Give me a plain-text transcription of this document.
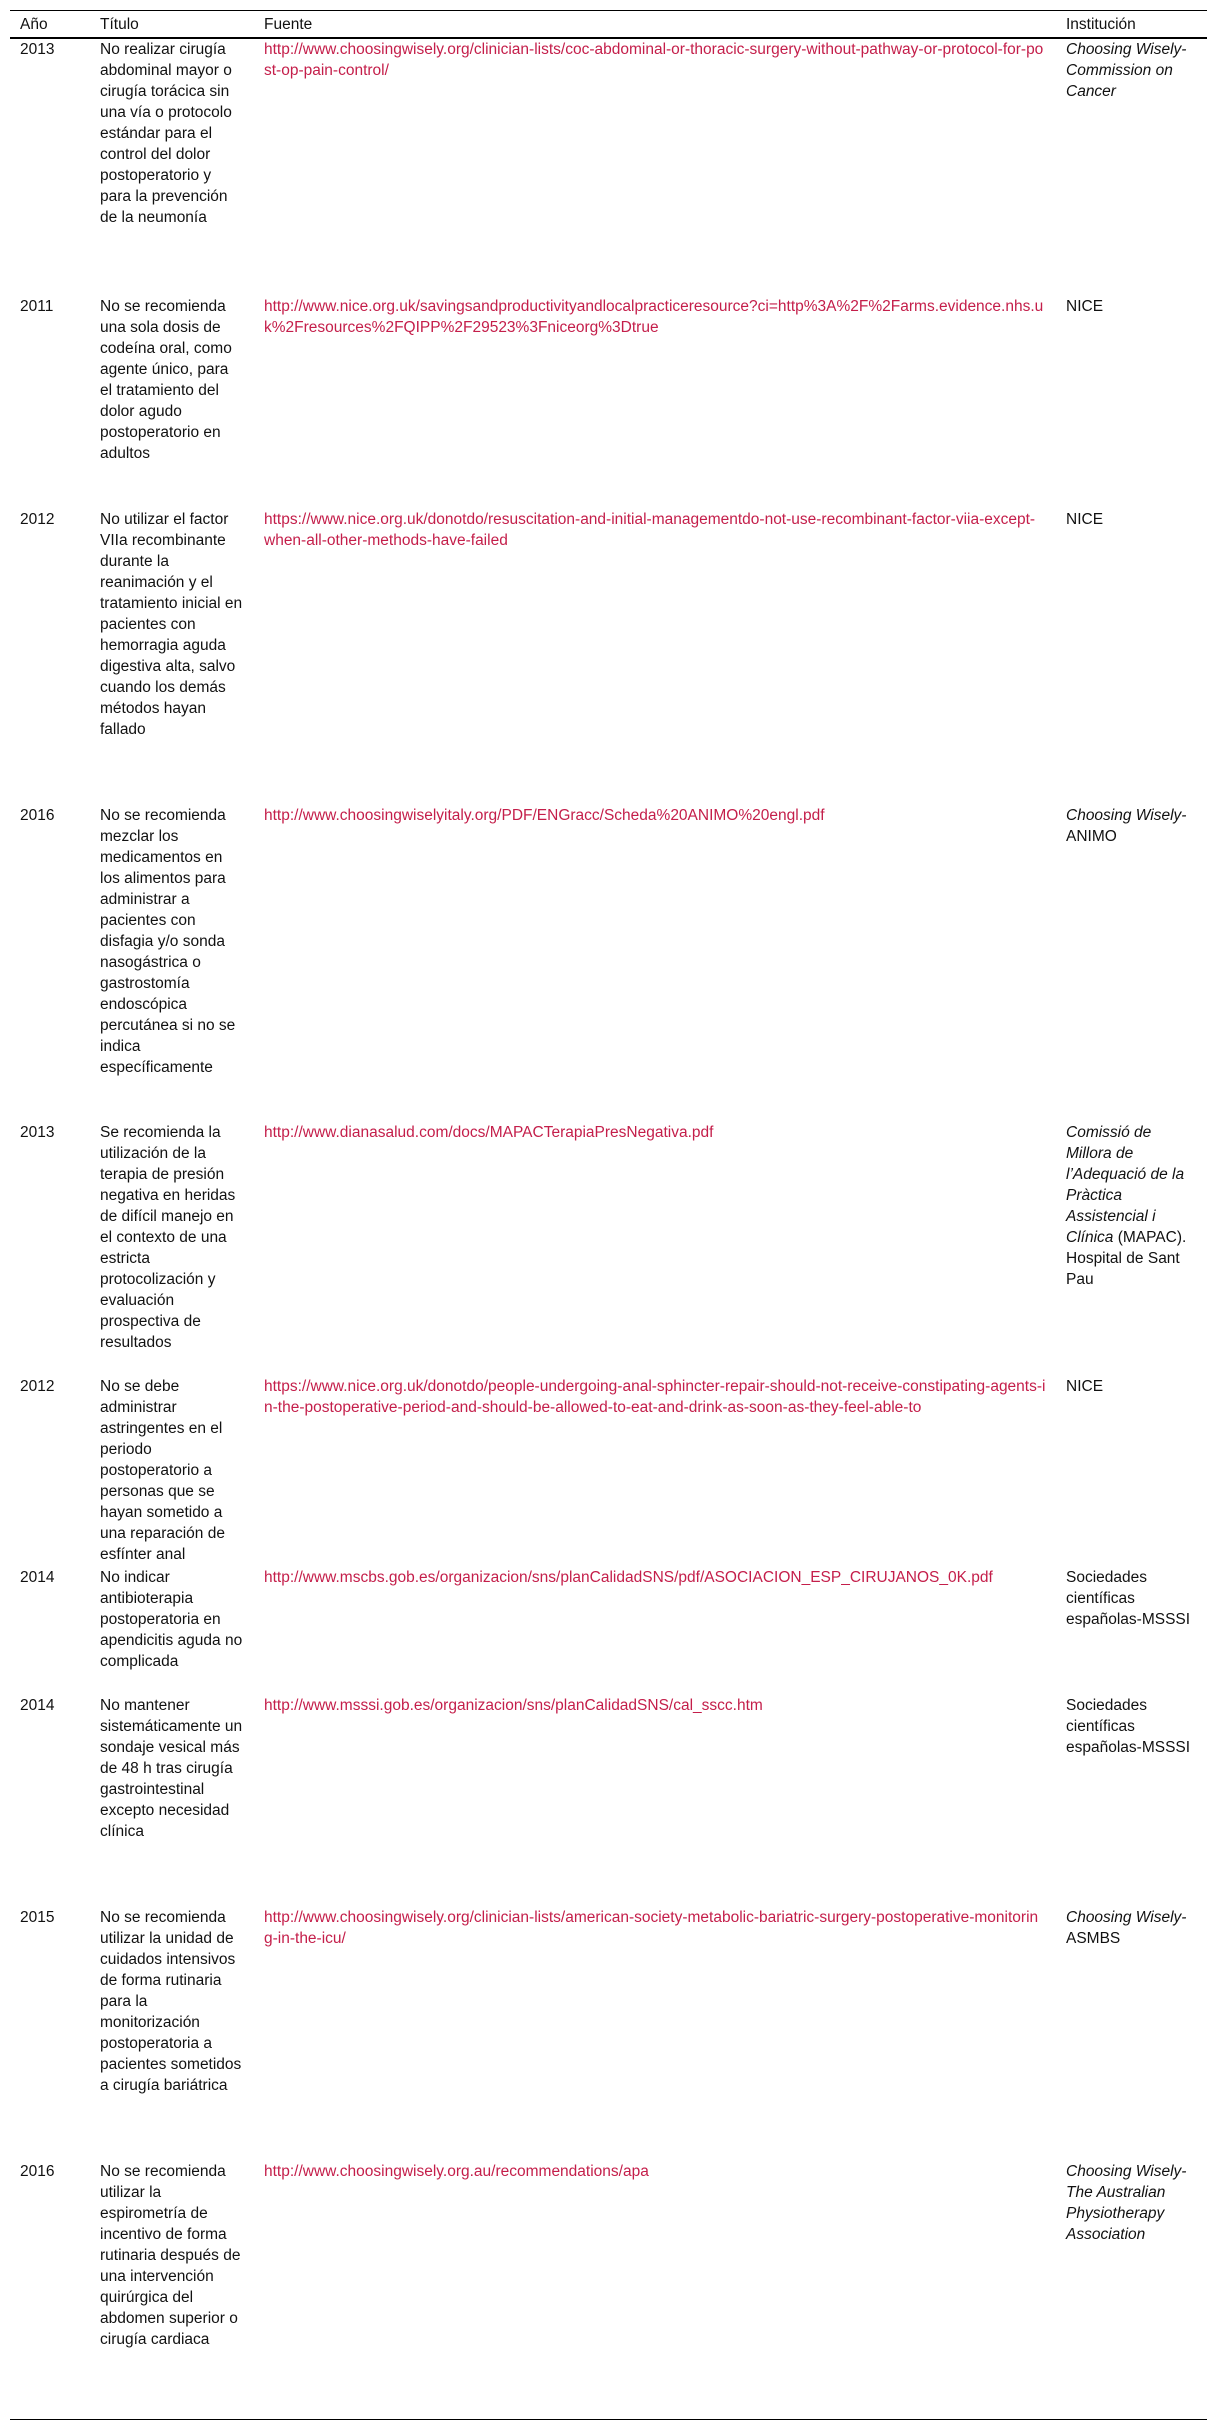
Año	Título	Fuente	Institución
2013	No realizar cirugía abdominal mayor o cirugía torácica sin una vía o protocolo estándar para el control del dolor postoperatorio y para la prevención de la neumonía	http://www.choosingwisely.org/clinician-lists/coc-abdominal-or-thoracic-surgery-without-pathway-or-protocol-for-post-op-pain-control/	Choosing Wisely-Commission on Cancer
2011	No se recomienda una sola dosis de codeína oral, como agente único, para el tratamiento del dolor agudo postoperatorio en adultos	http://www.nice.org.uk/savingsandproductivityandlocalpracticeresource?ci=http%3A%2F%2Farms.evidence.nhs.uk%2Fresources%2FQIPP%2F29523%3Fniceorg%3Dtrue	NICE
2012	No utilizar el factor VIIa recombinante durante la reanimación y el tratamiento inicial en pacientes con hemorragia aguda digestiva alta, salvo cuando los demás métodos hayan fallado	https://www.nice.org.uk/donotdo/resuscitation-and-initial-managementdo-not-use-recombinant-factor-viia-except-when-all-other-methods-have-failed	NICE
2016	No se recomienda mezclar los medicamentos en los alimentos para administrar a pacientes con disfagia y/o sonda nasogástrica o gastrostomía endoscópica percutánea si no se indica específicamente	http://www.choosingwiselyitaly.org/PDF/ENGracc/Scheda%20ANIMO%20engl.pdf	Choosing Wisely-ANIMO
2013	Se recomienda la utilización de la terapia de presión negativa en heridas de difícil manejo en el contexto de una estricta protocolización y evaluación prospectiva de resultados	http://www.dianasalud.com/docs/MAPACTerapiaPresNegativa.pdf	Comissió de Millora de l’Adequació de la Pràctica Assistencial i Clínica (MAPAC). Hospital de Sant Pau
2012	No se debe administrar astringentes en el periodo postoperatorio a personas que se hayan sometido a una reparación de esfínter anal	https://www.nice.org.uk/donotdo/people-undergoing-anal-sphincter-repair-should-not-receive-constipating-agents-in-the-postoperative-period-and-should-be-allowed-to-eat-and-drink-as-soon-as-they-feel-able-to	NICE
2014	No indicar antibioterapia postoperatoria en apendicitis aguda no complicada	http://www.mscbs.gob.es/organizacion/sns/planCalidadSNS/pdf/ASOCIACION_ESP_CIRUJANOS_0K.pdf	Sociedades científicas españolas-MSSSI
2014	No mantener sistemáticamente un sondaje vesical más de 48 h tras cirugía gastrointestinal excepto necesidad clínica	http://www.msssi.gob.es/organizacion/sns/planCalidadSNS/cal_sscc.htm	Sociedades científicas españolas-MSSSI
2015	No se recomienda utilizar la unidad de cuidados intensivos de forma rutinaria para la monitorización postoperatoria a pacientes sometidos a cirugía bariátrica	http://www.choosingwisely.org/clinician-lists/american-society-metabolic-bariatric-surgery-postoperative-monitoring-in-the-icu/	Choosing Wisely-ASMBS
2016	No se recomienda utilizar la espirometría de incentivo de forma rutinaria después de una intervención quirúrgica del abdomen superior o cirugía cardiaca	http://www.choosingwisely.org.au/recommendations/apa	Choosing Wisely-The Australian Physiotherapy Association
